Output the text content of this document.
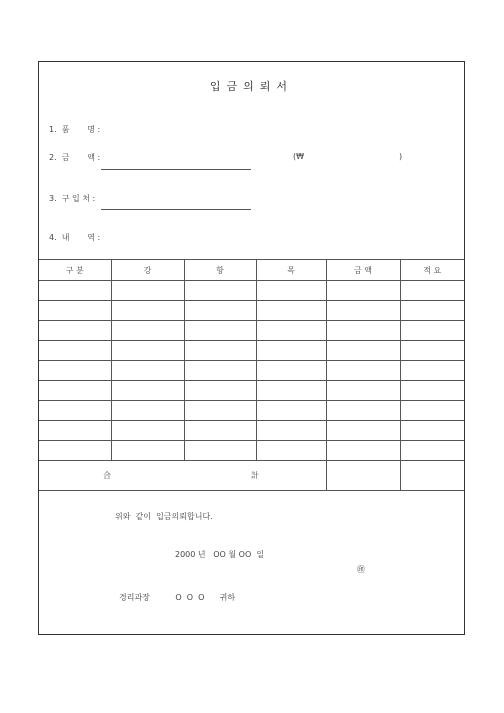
입금의뢰서
1.  품       명 :
2.  금       액 :	(₩	)
3.  구 입 처 :
4.  내       역 :
구 분	강	항	목	금 액	적 요

合 計					

위와  같이  입금의뢰합니다.
2000 년   OO 월 OO  일
㊞
경리과장          O  O  O      귀하
